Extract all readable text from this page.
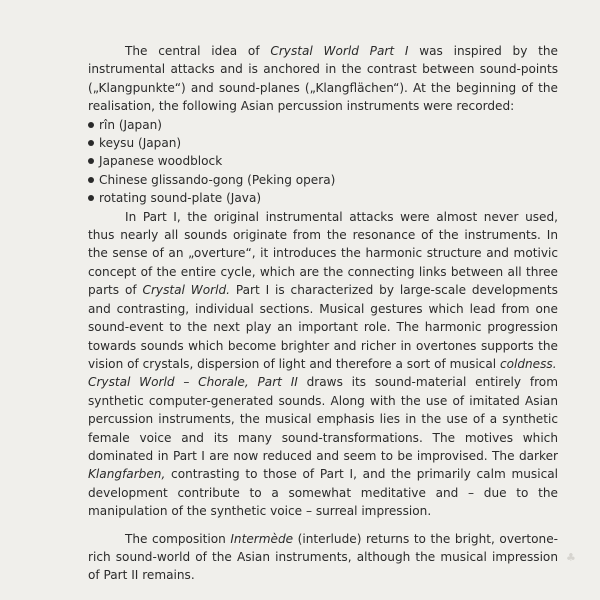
The central idea of Crystal World Part I was inspired by the instrumental attacks and is anchored in the contrast between sound-points („Klangpunkte“) and sound-planes („Klangflächen“). At the beginning of the realisation, the following Asian percussion instruments were recorded:

rîn (Japan)
keysu (Japan)
Japanese woodblock
Chinese glissando-gong (Peking opera)
rotating sound-plate (Java)

In Part I, the original instrumental attacks were almost never used, thus nearly all sounds originate from the resonance of the instruments. In the sense of an „overture“, it introduces the harmonic structure and motivic concept of the entire cycle, which are the connecting links between all three parts of Crystal World. Part I is characterized by large-scale developments and contrasting, individual sections. Musical gestures which lead from one sound-event to the next play an important role. The harmonic progression towards sounds which become brighter and richer in overtones supports the vision of crystals, dispersion of light and therefore a sort of musical coldness.

Crystal World – Chorale, Part II draws its sound-material entirely from synthetic computer-generated sounds. Along with the use of imitated Asian percussion instruments, the musical emphasis lies in the use of a synthetic female voice and its many sound-transformations. The motives which dominated in Part I are now reduced and seem to be improvised. The darker Klangfarben, contrasting to those of Part I, and the primarily calm musical development contribute to a somewhat meditative and – due to the manipulation of the synthetic voice – surreal impression.

The composition Intermède (interlude) returns to the bright, overtone-rich sound-world of the Asian instruments, although the musical impression of Part II remains.

♣
